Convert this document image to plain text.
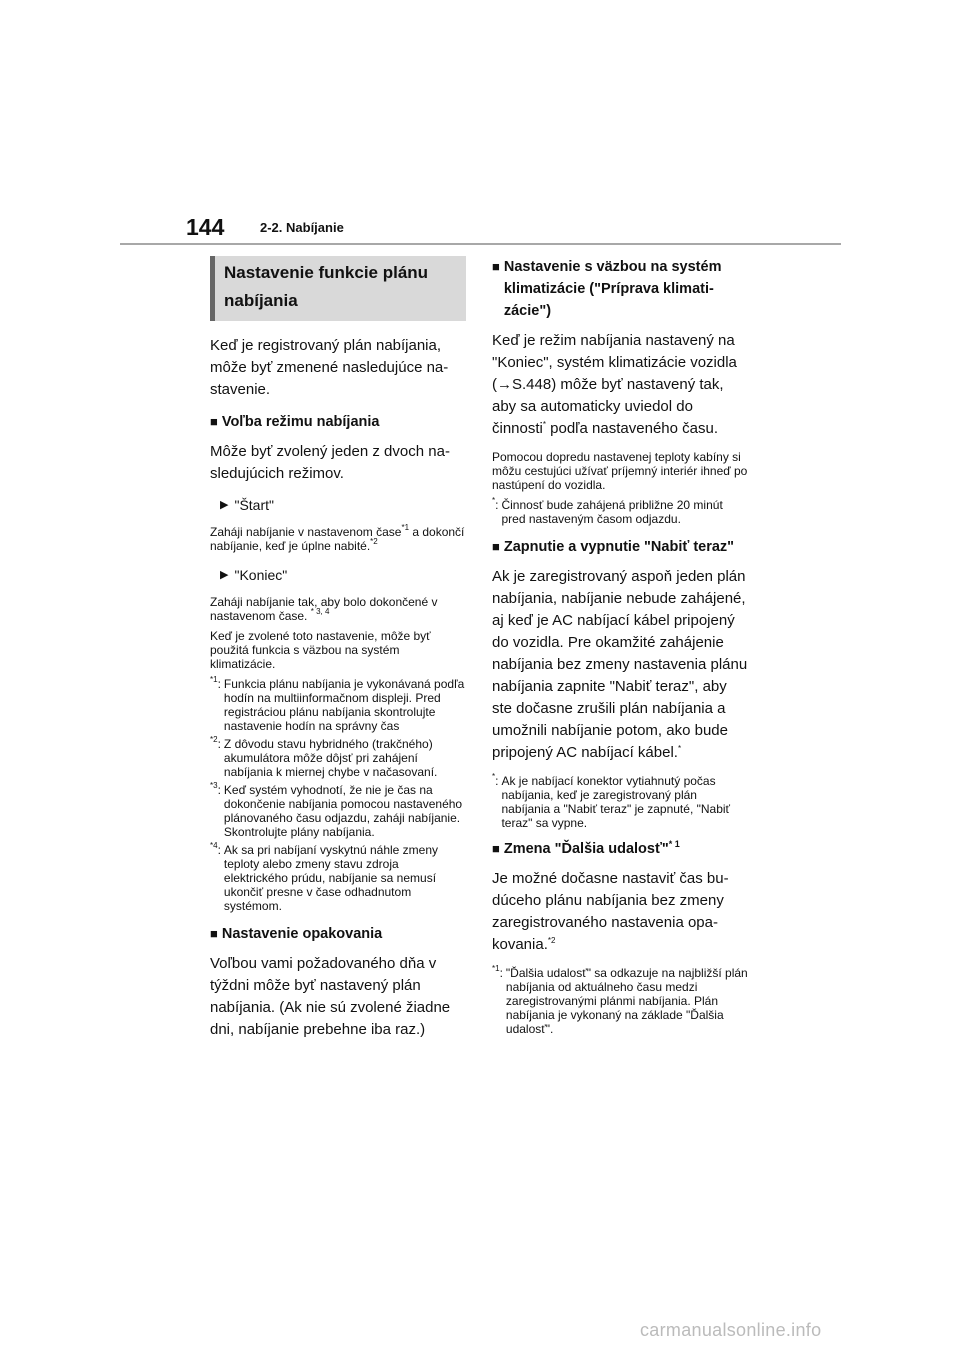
144	2-2. Nabíjanie
Nastavenie funkcie plánu nabíjania

Keď je registrovaný plán nabíjania, môže byť zmenené nasledujúce nastavenie.

■ Voľba režimu nabíjania

Môže byť zvolený jeden z dvoch nasledujúcich režimov.

▶ "Štart"

Zaháji nabíjanie v nastavenom čase$^{*1}$ a dokončí nabíjanie, keď je úplne nabité.$^{*2}$

▶ "Koniec"

Zaháji nabíjanie tak, aby bolo dokončené v nastavenom čase. $^{* 3, 4}$

Keď je zvolené toto nastavenie, môže byť použitá funkcia s väzbou na systém klimatizácie.

$^{*1}$: Funkcia plánu nabíjania je vykonávaná podľa hodín na multiinformačnom displeji. Pred registráciou plánu nabíjania skontrolujte nastavenie hodín na správny čas
$^{*2}$: Z dôvodu stavu hybridného (trakčného) akumulátora môže dôjsť pri zahájení nabíjania k miernej chybe v načasovaní.
$^{*3}$: Keď systém vyhodnotí, že nie je čas na dokončenie nabíjania pomocou nastaveného plánovaného času odjazdu, zaháji nabíjanie. Skontrolujte plány nabíjania.
$^{*4}$: Ak sa pri nabíjaní vyskytnú náhle zmeny teploty alebo zmeny stavu zdroja elektrického prúdu, nabíjanie sa nemusí ukončiť presne v čase odhadnutom systémom.
■ Nastavenie opakovania

Voľbou vami požadovaného dňa v týždni môže byť nastavený plán nabíjania. (Ak nie sú zvolené žiadne dni, nabíjanie prebehne iba raz.)

■ Nastavenie s väzbou na systém klimatizácie ("Príprava klimatizácie")

Keď je režim nabíjania nastavený na "Koniec", systém klimatizácie vozidla (→S.448) môže byť nastavený tak, aby sa automaticky uviedol do činnosti* podľa nastaveného času.

Pomocou dopredu nastavenej teploty kabíny si môžu cestujúci užívať príjemný interiér ihneď po nastúpení do vozidla.

*: Činnosť bude zahájená približne 20 minút pred nastaveným časom odjazdu.
■ Zapnutie a vypnutie "Nabiť teraz"

Ak je zaregistrovaný aspoň jeden plán nabíjania, nabíjanie nebude zahájené, aj keď je AC nabíjací kábel pripojený do vozidla. Pre okamžité zahájenie nabíjania bez zmeny nastavenia plánu nabíjania zapnite "Nabiť teraz", aby ste dočasne zrušili plán nabíjania a umožnili nabíjanie potom, ako bude pripojený AC nabíjací kábel.*

*: Ak je nabíjací konektor vytiahnutý počas nabíjania, keď je zaregistrovaný plán nabíjania a "Nabiť teraz" je zapnuté, "Nabiť teraz" sa vypne.
■ Zmena "Ďalšia udalosť"$^{* 1}$

Je možné dočasne nastaviť čas budúceho plánu nabíjania bez zmeny zaregistrovaného nastavenia opakovania.$^{*2}$

$^{*1}$: "Ďalšia udalosť" sa odkazuje na najbližší plán nabíjania od aktuálneho času medzi zaregistrovanými plánmi nabíjania. Plán nabíjania je vykonaný na základe "Ďalšia udalosť".
carmanualsonline.info
